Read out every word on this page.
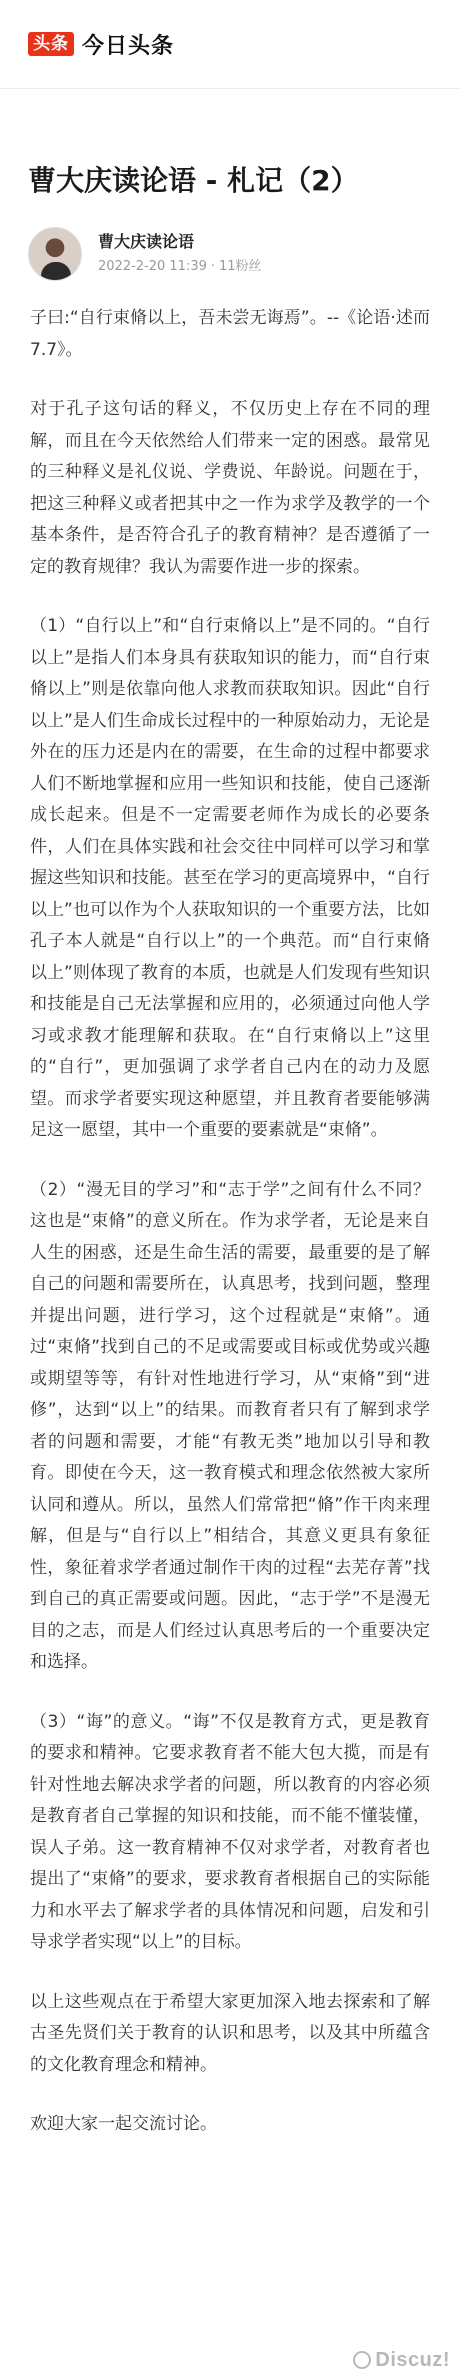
头条 今日头条
曹大庆读论语 - 札记（2）
曹大庆读论语
2022-2-20 11:39 · 11粉丝

子曰:“自行束脩以上，吾未尝无诲焉”。--《论语·述而7.7》。

对于孔子这句话的释义，不仅历史上存在不同的理解，而且在今天依然给人们带来一定的困惑。最常见的三种释义是礼仪说、学费说、年龄说。问题在于，把这三种释义或者把其中之一作为求学及教学的一个基本条件，是否符合孔子的教育精神？是否遵循了一定的教育规律？我认为需要作进一步的探索。

（1）“自行以上”和“自行束脩以上”是不同的。“自行以上”是指人们本身具有获取知识的能力，而“自行束脩以上”则是依靠向他人求教而获取知识。因此“自行以上”是人们生命成长过程中的一种原始动力，无论是外在的压力还是内在的需要，在生命的过程中都要求人们不断地掌握和应用一些知识和技能，使自己逐渐成长起来。但是不一定需要老师作为成长的必要条件，人们在具体实践和社会交往中同样可以学习和掌握这些知识和技能。甚至在学习的更高境界中，“自行以上”也可以作为个人获取知识的一个重要方法，比如孔子本人就是“自行以上”的一个典范。而“自行束脩以上”则体现了教育的本质，也就是人们发现有些知识和技能是自己无法掌握和应用的，必须通过向他人学习或求教才能理解和获取。在“自行束脩以上”这里的“自行”，更加强调了求学者自己内在的动力及愿望。而求学者要实现这种愿望，并且教育者要能够满足这一愿望，其中一个重要的要素就是“束脩”。

（2）“漫无目的学习”和“志于学”之间有什么不同？这也是“束脩”的意义所在。作为求学者，无论是来自人生的困惑，还是生命生活的需要，最重要的是了解自己的问题和需要所在，认真思考，找到问题，整理并提出问题，进行学习，这个过程就是“束脩”。通过“束脩”找到自己的不足或需要或目标或优势或兴趣或期望等等，有针对性地进行学习，从“束脩”到“进修”，达到“以上”的结果。而教育者只有了解到求学者的问题和需要，才能“有教无类”地加以引导和教育。即使在今天，这一教育模式和理念依然被大家所认同和遵从。所以，虽然人们常常把“脩”作干肉来理解，但是与“自行以上”相结合，其意义更具有象征性，象征着求学者通过制作干肉的过程“去芜存菁”找到自己的真正需要或问题。因此，“志于学”不是漫无目的之志，而是人们经过认真思考后的一个重要决定和选择。

（3）“诲”的意义。“诲”不仅是教育方式，更是教育的要求和精神。它要求教育者不能大包大揽，而是有针对性地去解决求学者的问题，所以教育的内容必须是教育者自己掌握的知识和技能，而不能不懂装懂，误人子弟。这一教育精神不仅对求学者，对教育者也提出了“束脩”的要求，要求教育者根据自己的实际能力和水平去了解求学者的具体情况和问题，启发和引导求学者实现“以上”的目标。

以上这些观点在于希望大家更加深入地去探索和了解古圣先贤们关于教育的认识和思考，以及其中所蕴含的文化教育理念和精神。

欢迎大家一起交流讨论。

Discuz!
